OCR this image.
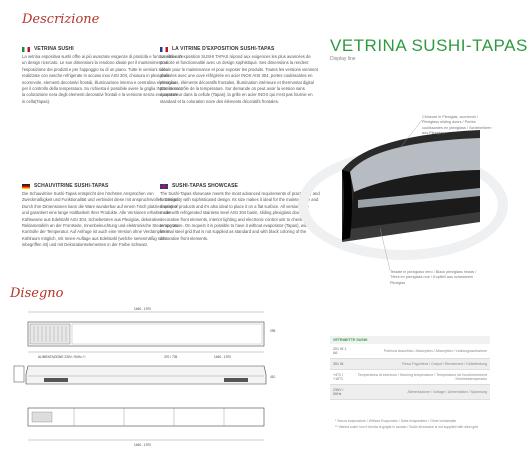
Descrizione
Disegno
VETRINA SUSHI
La vetrina espositiva sushi offre ai più avanzate esigenze di praticità e funzionalità con un design ricercato. Le sue dimensioni la rendono ideale per il mantenimento e l'esposizione dei prodotti e per l'appoggio su di un piano. Tutte le versioni sono realizzate con vasche refrigerate in acciaio inox AISI 304, chiusura in plexiglass scorrevole, elementi decorativi frontali, illuminazione interna e centralina elettronica per il controllo della temperatura. Su richiesta è possibile avere la griglia INOX interna, la colorazione nera degli elementi decorativi frontali e la versione senza evaporatore in cella(Tapas).
LA VITRINE D'EXPOSITION SUSHI-TAPAS
La vitrine d'exposition SUSHI TAPAS répond aux exigences les plus avancées de praticité et fonctionnalité avec un design sophistiqué. Ses dimensions la rendent idéale pour le maintenance et pour exposer les produits. Toutes les versions viennent réalisées avec une cuve réfrigérée en acier INOX AISI 304, portes coulissantes en plexiglass, éléments décoratifs frontales, illumination intérieure et thermostat digital pour le contrôle de la température. Sur demande on peut avoir la version sans évaporateur dans la cellule (Tapas), la grille en acier INOX qui n'est pas fournie en standard et la coloration noire des éléments décoratifs frontales.
SCHAUVITRINE SUSHI-TAPAS
Die Schauvitrine Sushi-Tapas entspricht den höchsten Ansprüchen von Zweckmäßigkeit und Funktionalität und verbindet diese mit anspruchsvollem Design. Durch ihre Dimensionen kann die Ware wunderbar auf einem Tisch platziert werden und garantiert eine lange Haltbarkeit Ihrer Produkte. Alle Versionen erhalten eine Kühlwanne aus Edelstahl AISI 304, Schiebetüren aus Plexiglas, dekorative Reklametafeln an der Frontseite, Innenbeleuchtung und elektronische Steuerung zur Kontrolle der Temperatur. Auf Anfrage ist auch eine Version ohne Verdampfer im Kühlraum möglich, mit Innen-Auflage aus Edelstahl (welche serienmäßig nicht inbegriffen ist) und mit Dekorationselementen in der Farbe Schwarz.
SUSHI-TAPAS SHOWCASE
The Sushi-Tapas showcase meets the most advanced requirements of practicality and functionality with sophisticated design. Its size makes it ideal for the maintenance and display of products and it's also ideal to place it on a flat surface. All versions are made with refrigerated stainless steel AISI 304 basin, sliding plexiglass doors, decorative front elements, interior lighting and electronic control unit to check the temperature. On request it is possible to have it without evaporator (Tapas), with the internal steel grid that is not supplied as standard and with black coloring of the decorative front elements.
VETRINA SUSHI-TAPAS
Display line
Chiusure in Plexiglas, scorrevoli / Plexiglass sliding doors / Portes coulissantes en plexiglass / Schiebetüren aus Plexiglas
Testate in plexiglass nero / Black plexiglass heads / Têtes en plexiglass noir / Kopfteil aus schwarzem Plexiglas
1460 - 1970
ALIMENTAZIONE 230V / 50Hz / I	370 / 735	1460 - 1970
295
410
1460 - 1970
VETRINETTE SUSHI	
201 W 1 A6	Potenza Assorbita / Absorption / Absorption / Leistungsaufnahme
301 W	Resa Frigorifera / Output / Rendement / Kälteleistung
+4°C / +10°C	Temperatura di esercizio / Working temperature / Température de fonctionnement / Betriebstemperatur
230V / 50Hz	Alimentazione / Voltage / Alimentation / Spannung
* Senza evaporatore / Without Evaporator / Sans évaporateur / Ohne verdampfer
** Vetrina sushi non è fornita di griglia in acciaio / Sushi showcase is not supplied with steel grid
